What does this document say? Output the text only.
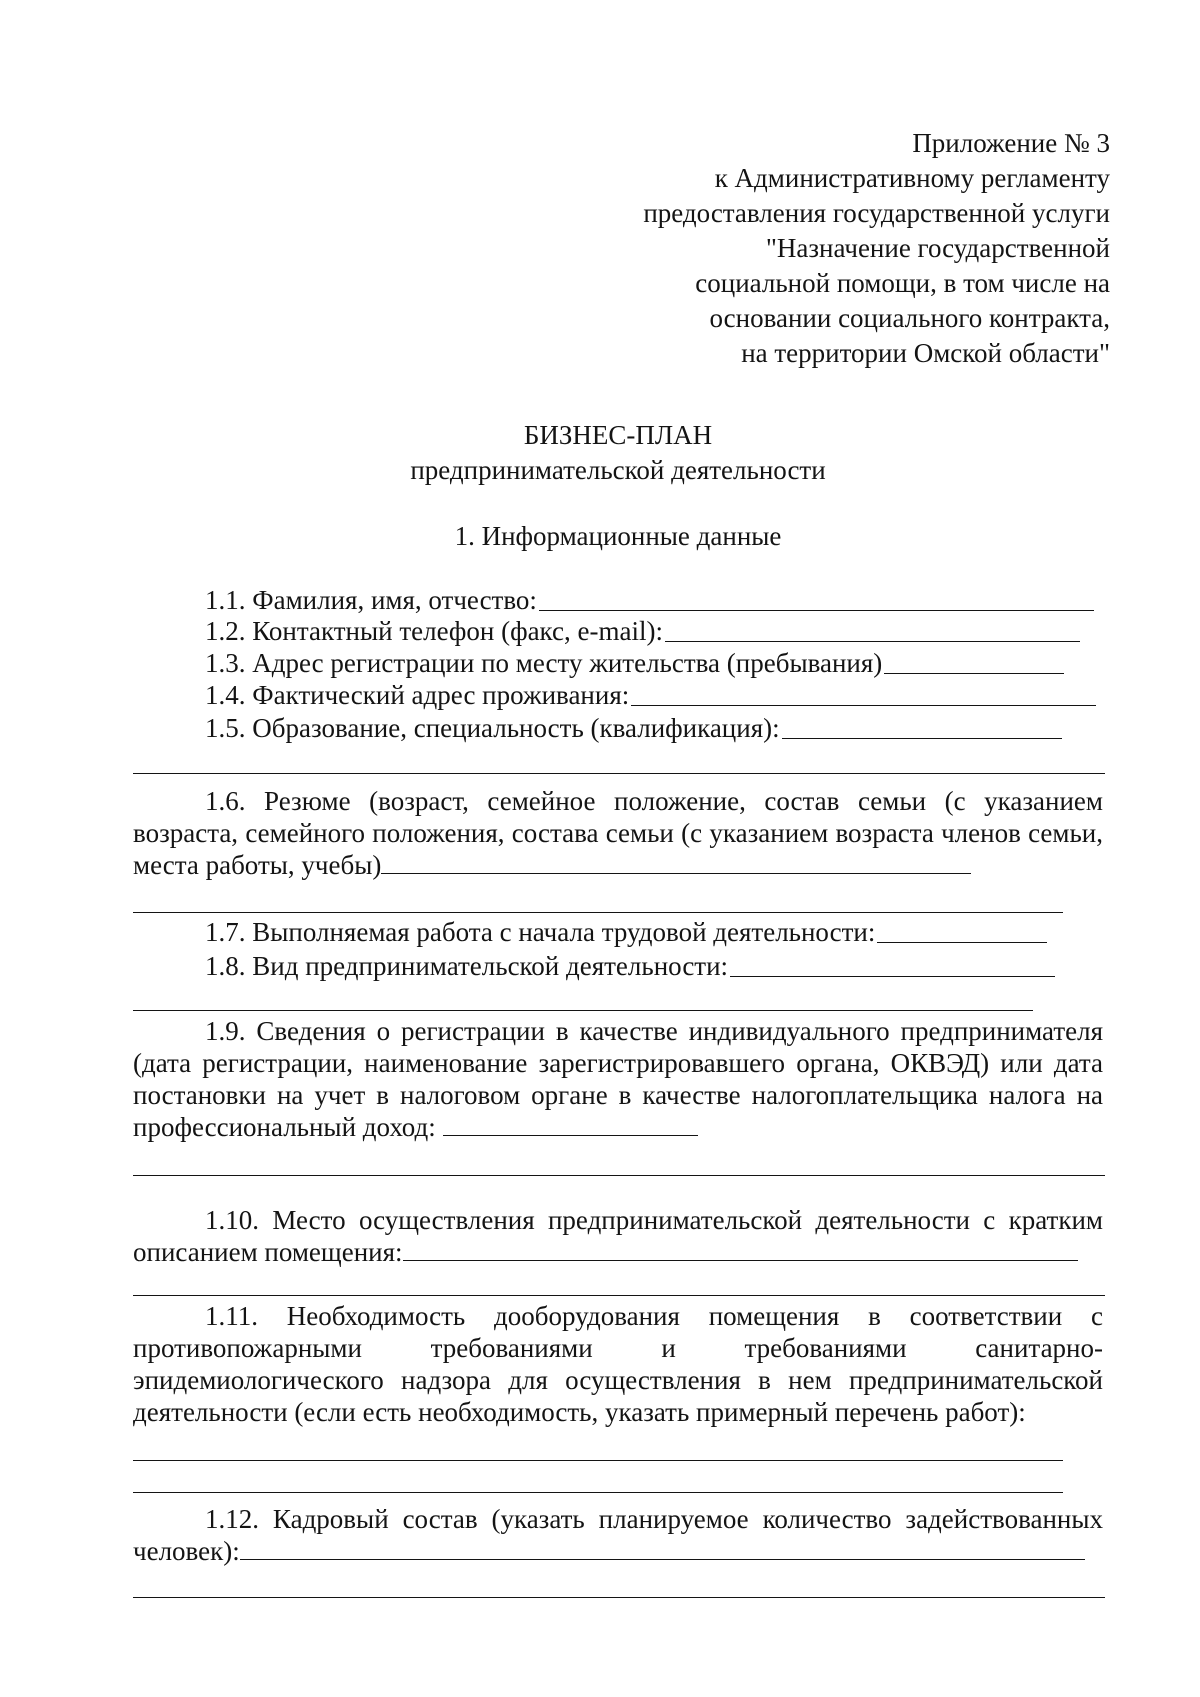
Приложение № 3
к Административному регламенту
предоставления государственной услуги
"Назначение государственной
социальной помощи, в том числе на
основании социального контракта,
на территории Омской области"
БИЗНЕС-ПЛАН
предпринимательской деятельности
1. Информационные данные
1.1. Фамилия, имя, отчество:
1.2. Контактный телефон (факс, e-mail):
1.3. Адрес регистрации по месту жительства (пребывания)
1.4. Фактический адрес проживания:
1.5. Образование, специальность (квалификация):
1.6. Резюме (возраст, семейное положение, состав семьи (с указанием возраста, семейного положения, состава семьи (с указанием возраста членов семьи, места работы, учебы)
1.7. Выполняемая работа с начала трудовой деятельности:
1.8. Вид предпринимательской деятельности:
1.9. Сведения о регистрации в качестве индивидуального предпринимателя (дата регистрации, наименование зарегистрировавшего органа, ОКВЭД) или дата постановки на учет в налоговом органе в качестве налогоплательщика налога на профессиональный доход:
1.10. Место осуществления предпринимательской деятельности с кратким описанием помещения:
1.11. Необходимость дооборудования помещения в соответствии с противопожарными требованиями и требованиями санитарно-эпидемиологического надзора для осуществления в нем предпринимательской деятельности (если есть необходимость, указать примерный перечень работ):
1.12. Кадровый состав (указать планируемое количество задействованных человек):
